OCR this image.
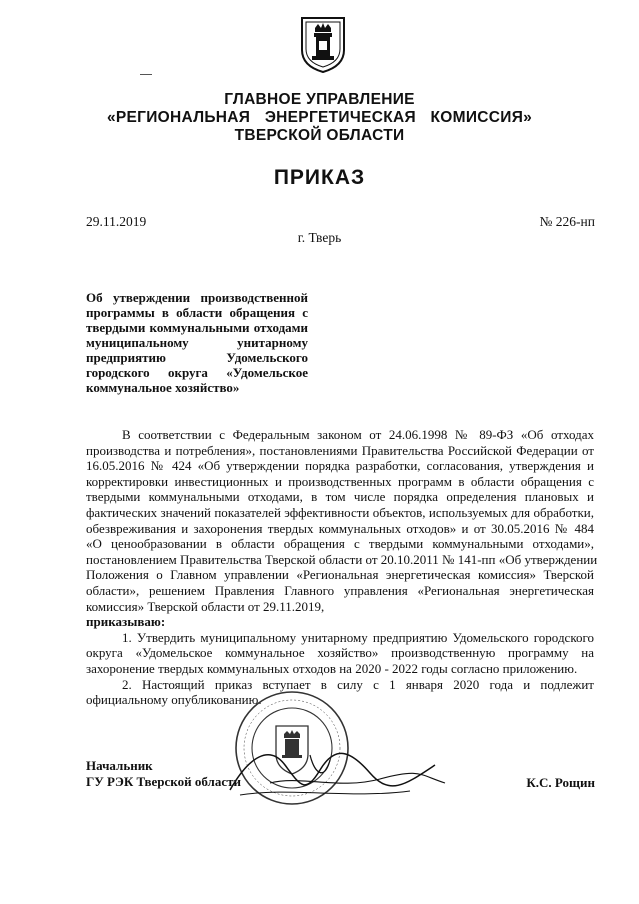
ГЛАВНОЕ УПРАВЛЕНИЕ
«РЕГИОНАЛЬНАЯ ЭНЕРГЕТИЧЕСКАЯ КОМИССИЯ»
ТВЕРСКОЙ ОБЛАСТИ
ПРИКАЗ
29.11.2019	№ 226-нп
г. Тверь
Об утверждении производственной
программы в области обращения с
твердыми коммунальными отходами
муниципальному унитарному
предприятию Удомельского
городского округа «Удомельское
коммунальное хозяйство»
В соответствии с Федеральным законом от 24.06.1998 № 89-ФЗ «Об отходах
производства и потребления», постановлениями Правительства Российской Федерации от
16.05.2016 № 424 «Об утверждении порядка разработки, согласования, утверждения и
корректировки инвестиционных и производственных программ в области обращения с
твердыми коммунальными отходами, в том числе порядка определения плановых и
фактических значений показателей эффективности объектов, используемых для обработки,
обезвреживания и захоронения твердых коммунальных отходов» и от 30.05.2016 № 484
«О ценообразовании в области обращения с твердыми коммунальными отходами»,
постановлением Правительства Тверской области от 20.10.2011 № 141-пп «Об утверждении
Положения о Главном управлении «Региональная энергетическая комиссия» Тверской
области», решением Правления Главного управления «Региональная энергетическая
комиссия» Тверской области от 29.11.2019,
приказываю:
1. Утвердить муниципальному унитарному предприятию Удомельского городского
округа «Удомельское коммунальное хозяйство» производственную программу на
захоронение твердых коммунальных отходов на 2020 - 2022 годы согласно приложению.
2. Настоящий приказ вступает в силу с 1 января 2020 года и подлежит
официальному опубликованию.
Начальник
ГУ РЭК Тверской области	К.С. Рощин
